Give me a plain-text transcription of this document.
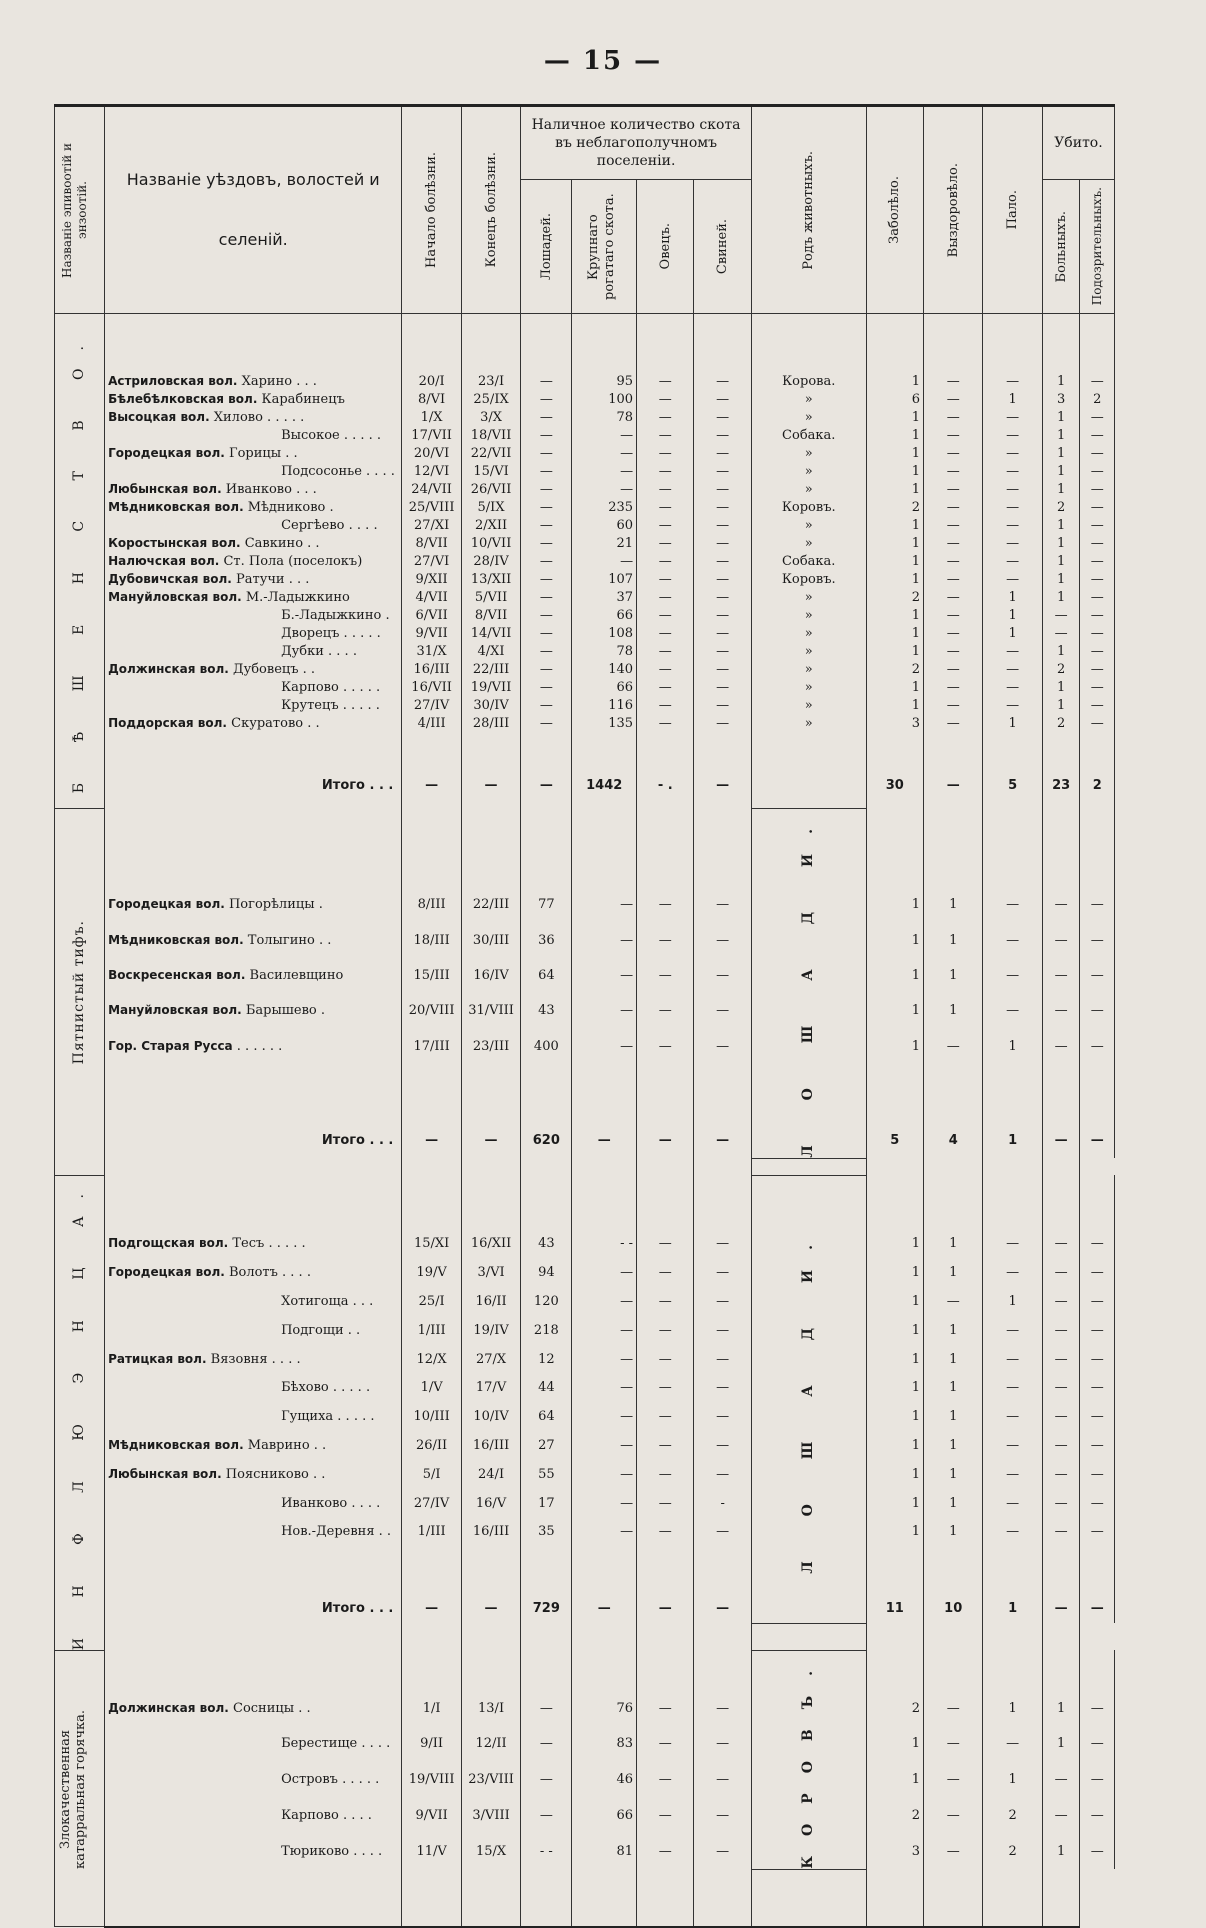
— 15 —
Названіе эпивоотій и энзоотій.	Названіе уѣздовъ, волостей и селеній.	Начало болѣзни.	Конецъ болѣзни.	Наличное количество скота въ неблагополучномъ поселеніи.				Родъ животныхъ.	Заболѣло.	Выздоровѣло.	Пало.	Убито.	

				Лошадей.	Крупнаго рогатаго скота.	Овецъ.	Свиней.					Больныхъ.	Подозрительныхъ.

Б Ѣ Ш Е Н С Т В О.													

	Астриловская вол. Харино . . .	20/I	23/I	—	95	—	—	Корова.	1	—	—	1	—
	Бѣлебѣлковская вол. Карабинецъ	8/VI	25/IX	—	100	—	—	»	6	—	1	3	2
	Высоцкая вол. Хилово . . . . .	1/X	3/X	—	78	—	—	»	1	—	—	1	—
	Высокое . . . . .	17/VII	18/VII	—	—	—	—	Собака.	1	—	—	1	—
	Городецкая вол. Горицы . .	20/VI	22/VII	—	—	—	—	»	1	—	—	1	—
	Подсосонье . . . .	12/VI	15/VI	—	—	—	—	»	1	—	—	1	—
	Любынская вол. Иванково . . .	24/VII	26/VII	—	—	—	—	»	1	—	—	1	—
	Мѣдниковская вол. Мѣдниково .	25/VIII	5/IX	—	235	—	—	Коровъ.	2	—	—	2	—
	Сергѣево . . . .	27/XI	2/XII	—	60	—	—	»	1	—	—	1	—
	Коростынская вол. Савкино . .	8/VII	10/VII	—	21	—	—	»	1	—	—	1	—
	Налючская вол. Ст. Пола (поселокъ)	27/VI	28/IV	—	—	—	—	Собака.	1	—	—	1	—
	Дубовичская вол. Ратучи . . .	9/XII	13/XII	—	107	—	—	Коровъ.	1	—	—	1	—
	Мануйловская вол. М.-Ладыжкино	4/VII	5/VII	—	37	—	—	»	2	—	1	1	—
	Б.-Ладыжкино .	6/VII	8/VII	—	66	—	—	»	1	—	1	—	—
	Дворецъ . . . . .	9/VII	14/VII	—	108	—	—	»	1	—	1	—	—
	Дубки . . . .	31/X	4/XI	—	78	—	—	»	1	—	—	1	—
	Должинская вол. Дубовецъ . .	16/III	22/III	—	140	—	—	»	2	—	—	2	—
	Карпово . . . . .	16/VII	19/VII	—	66	—	—	»	1	—	—	1	—
	Крутецъ . . . . .	27/IV	30/IV	—	116	—	—	»	1	—	—	1	—
	Поддорская вол. Скуратово . .	4/III	28/III	—	135	—	—	»	3	—	1	2	—

	Итого . . .	—	—	—	1442	- .	—		30	—	5	23	2

Пятнистый тифъ.								Л О Ш А Д И.					

	Городецкая вол. Погорѣлицы .	8/III	22/III	77	—	—	—		1	1	—	—	—
	Мѣдниковская вол. Толыгино . .	18/III	30/III	36	—	—	—		1	1	—	—	—
	Воскресенская вол. Василевщино	15/III	16/IV	64	—	—	—		1	1	—	—	—
	Мануйловская вол. Барышево .	20/VIII	31/VIII	43	—	—	—		1	1	—	—	—
	Гор. Старая Русса . . . . . .	17/III	23/III	400	—	—	—		1	—	1	—	—

	Итого . . .	—	—	620	—	—	—		5	4	1	—	—

И Н Ф Л Ю Э Н Ц А.								Л О Ш А Д И.					

	Подгощская вол. Тесъ . . . . .	15/XI	16/XII	43	- -	—	—		1	1	—	—	—
	Городецкая вол. Волотъ . . . .	19/V	3/VI	94	—	—	—		1	1	—	—	—
	Хотигоща . . .	25/I	16/II	120	—	—	—		1	—	1	—	—
	Подгощи . .	1/III	19/IV	218	—	—	—		1	1	—	—	—
	Ратицкая вол. Вязовня . . . .	12/X	27/X	12	—	—	—		1	1	—	—	—
	Бѣхово . . . . .	1/V	17/V	44	—	—	—		1	1	—	—	—
	Гущиха . . . . .	10/III	10/IV	64	—	—	—		1	1	—	—	—
	Мѣдниковская вол. Маврино . .	26/II	16/III	27	—	—	—		1	1	—	—	—
	Любынская вол. Поясниково . .	5/I	24/I	55	—	—	—		1	1	—	—	—
	Иванково . . . .	27/IV	16/V	17	—	—	-		1	1	—	—	—
	Нов.-Деревня . .	1/III	16/III	35	—	—	—		1	1	—	—	—

	Итого . . .	—	—	729	—	—	—		11	10	1	—	—

Злокачественная катарральная горячка.								КОРОВЪ.					

	Должинская вол. Сосницы . .	1/I	13/I	—	76	—	—		2	—	1	1	—
	Берестище . . . .	9/II	12/II	—	83	—	—		1	—	—	1	—
	Островъ . . . . .	19/VIII	23/VIII	—	46	—	—		1	—	1	—	—
	Карпово . . . .	9/VII	3/VIII	—	66	—	—		2	—	2	—	—
	Тюриково . . . .	11/V	15/X	- -	81	—	—		3	—	2	1	—
